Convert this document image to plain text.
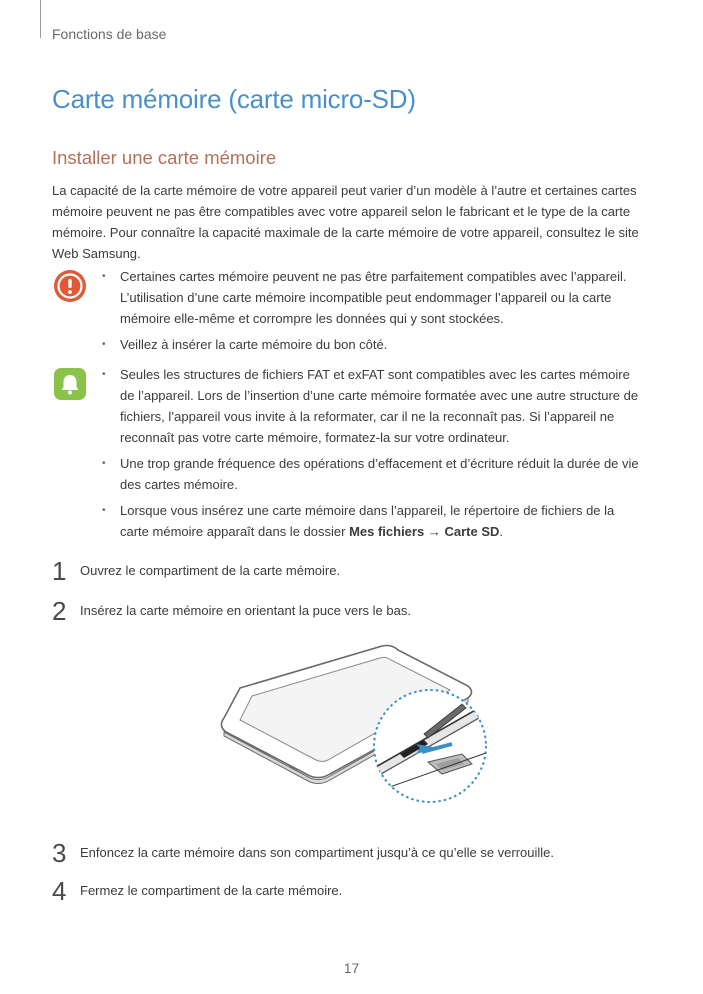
Fonctions de base
Carte mémoire (carte micro-SD)
Installer une carte mémoire
La capacité de la carte mémoire de votre appareil peut varier d’un modèle à l’autre et certaines cartes mémoire peuvent ne pas être compatibles avec votre appareil selon le fabricant et le type de la carte mémoire. Pour connaître la capacité maximale de la carte mémoire de votre appareil, consultez le site Web Samsung.
• Certaines cartes mémoire peuvent ne pas être parfaitement compatibles avec l’appareil. L’utilisation d’une carte mémoire incompatible peut endommager l’appareil ou la carte mémoire elle-même et corrompre les données qui y sont stockées.
• Veillez à insérer la carte mémoire du bon côté.
• Seules les structures de fichiers FAT et exFAT sont compatibles avec les cartes mémoire de l’appareil. Lors de l’insertion d’une carte mémoire formatée avec une autre structure de fichiers, l’appareil vous invite à la reformater, car il ne la reconnaît pas. Si l’appareil ne reconnaît pas votre carte mémoire, formatez-la sur votre ordinateur.
• Une trop grande fréquence des opérations d’effacement et d’écriture réduit la durée de vie des cartes mémoire.
• Lorsque vous insérez une carte mémoire dans l’appareil, le répertoire de fichiers de la carte mémoire apparaît dans le dossier Mes fichiers → Carte SD.
1 Ouvrez le compartiment de la carte mémoire.
2 Insérez la carte mémoire en orientant la puce vers le bas.
3 Enfoncez la carte mémoire dans son compartiment jusqu’à ce qu’elle se verrouille.
4 Fermez le compartiment de la carte mémoire.
17
